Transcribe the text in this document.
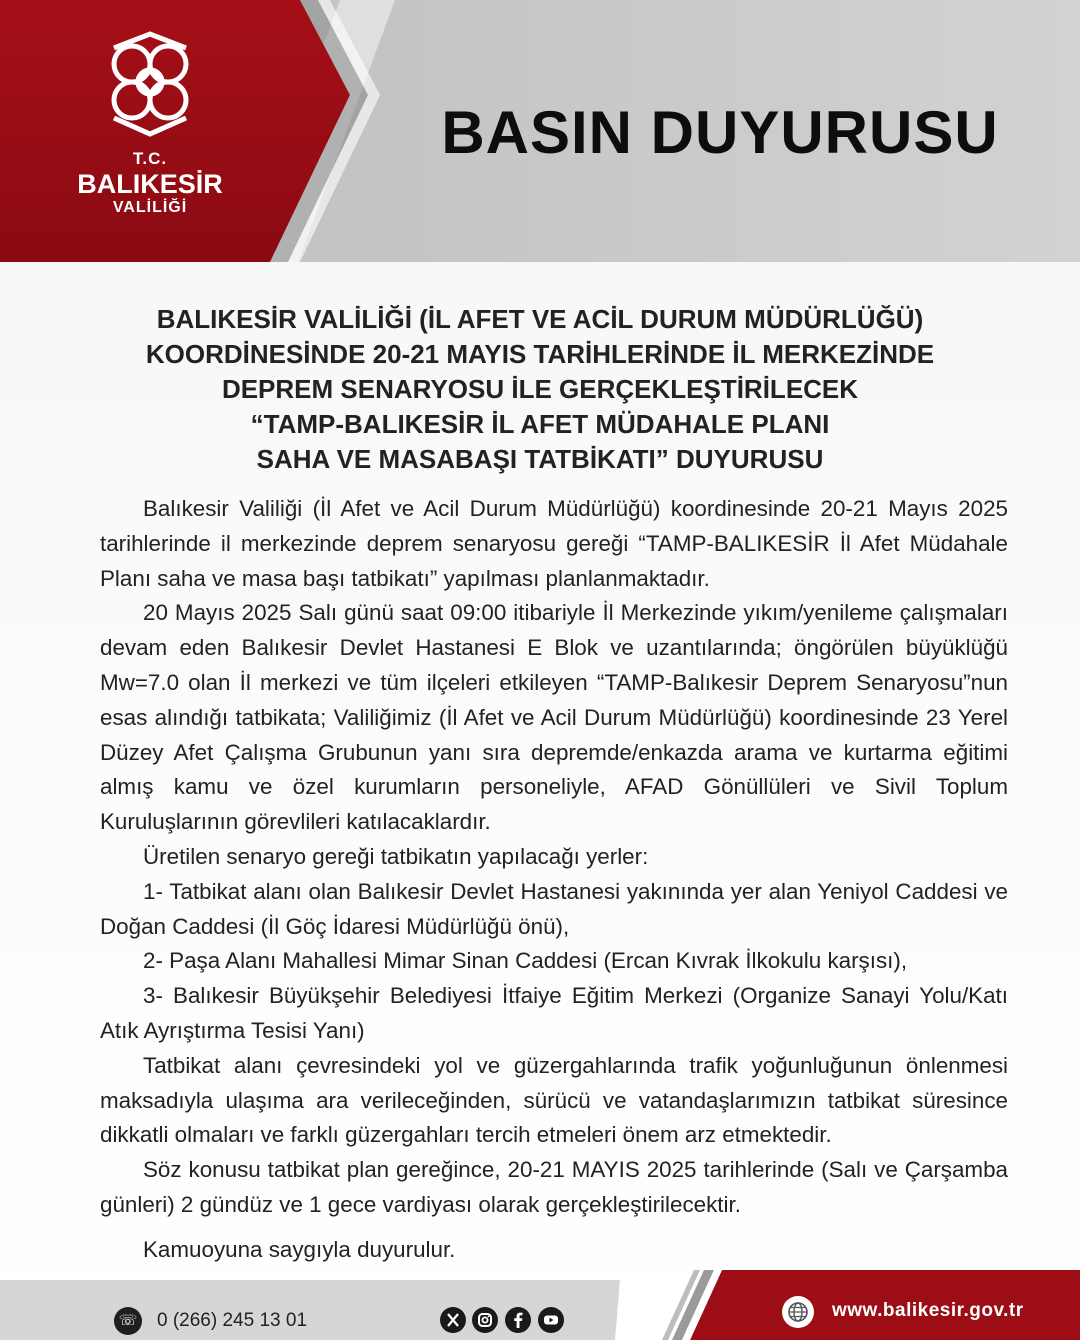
T.C.
BALIKESİR
VALİLİĞİ
BASIN DUYURUSU
BALIKESİR VALİLİĞİ (İL AFET VE ACİL DURUM MÜDÜRLÜĞÜ)
KOORDİNESİNDE 20-21 MAYIS TARİHLERİNDE İL MERKEZİNDE
DEPREM SENARYOSU İLE GERÇEKLEŞTİRİLECEK
“TAMP-BALIKESİR İL AFET MÜDAHALE PLANI
SAHA VE MASABAŞI TATBİKATI” DUYURUSU

Balıkesir Valiliği (İl Afet ve Acil Durum Müdürlüğü) koordinesinde 20-21 Mayıs 2025 tarihlerinde il merkezinde deprem senaryosu gereği “TAMP-BALIKESİR İl Afet Müdahale Planı saha ve masa başı tatbikatı” yapılması planlanmaktadır.

20 Mayıs 2025 Salı günü saat 09:00 itibariyle İl Merkezinde yıkım/yenileme çalışmaları devam eden Balıkesir Devlet Hastanesi E Blok ve uzantılarında; öngörülen büyüklüğü Mw=7.0 olan İl merkezi ve tüm ilçeleri etkileyen “TAMP-Balıkesir Deprem Senaryosu”nun esas alındığı tatbikata; Valiliğimiz (İl Afet ve Acil Durum Müdürlüğü) koordinesinde 23 Yerel Düzey Afet Çalışma Grubunun yanı sıra depremde/enkazda arama ve kurtarma eğitimi almış kamu ve özel kurumların personeliyle, AFAD Gönüllüleri ve Sivil Toplum Kuruluşlarının görevlileri katılacaklardır.

Üretilen senaryo gereği tatbikatın yapılacağı yerler:

1- Tatbikat alanı olan Balıkesir Devlet Hastanesi yakınında yer alan Yeniyol Caddesi ve Doğan Caddesi (İl Göç İdaresi Müdürlüğü önü),

2- Paşa Alanı Mahallesi Mimar Sinan Caddesi (Ercan Kıvrak İlkokulu karşısı),

3- Balıkesir Büyükşehir Belediyesi İtfaiye Eğitim Merkezi (Organize Sanayi Yolu/Katı Atık Ayrıştırma Tesisi Yanı)

Tatbikat alanı çevresindeki yol ve güzergahlarında trafik yoğunluğunun önlenmesi maksadıyla ulaşıma ara verileceğinden, sürücü ve vatandaşlarımızın tatbikat süresince dikkatli olmaları ve farklı güzergahları tercih etmeleri önem arz etmektedir.

Söz konusu tatbikat plan gereğince, 20-21 MAYIS 2025 tarihlerinde (Salı ve Çarşamba günleri) 2 gündüz ve 1 gece vardiyası olarak gerçekleştirilecektir.

Kamuoyuna saygıyla duyurulur.

☏ 0 (266) 245 13 01	www.balikesir.gov.tr
